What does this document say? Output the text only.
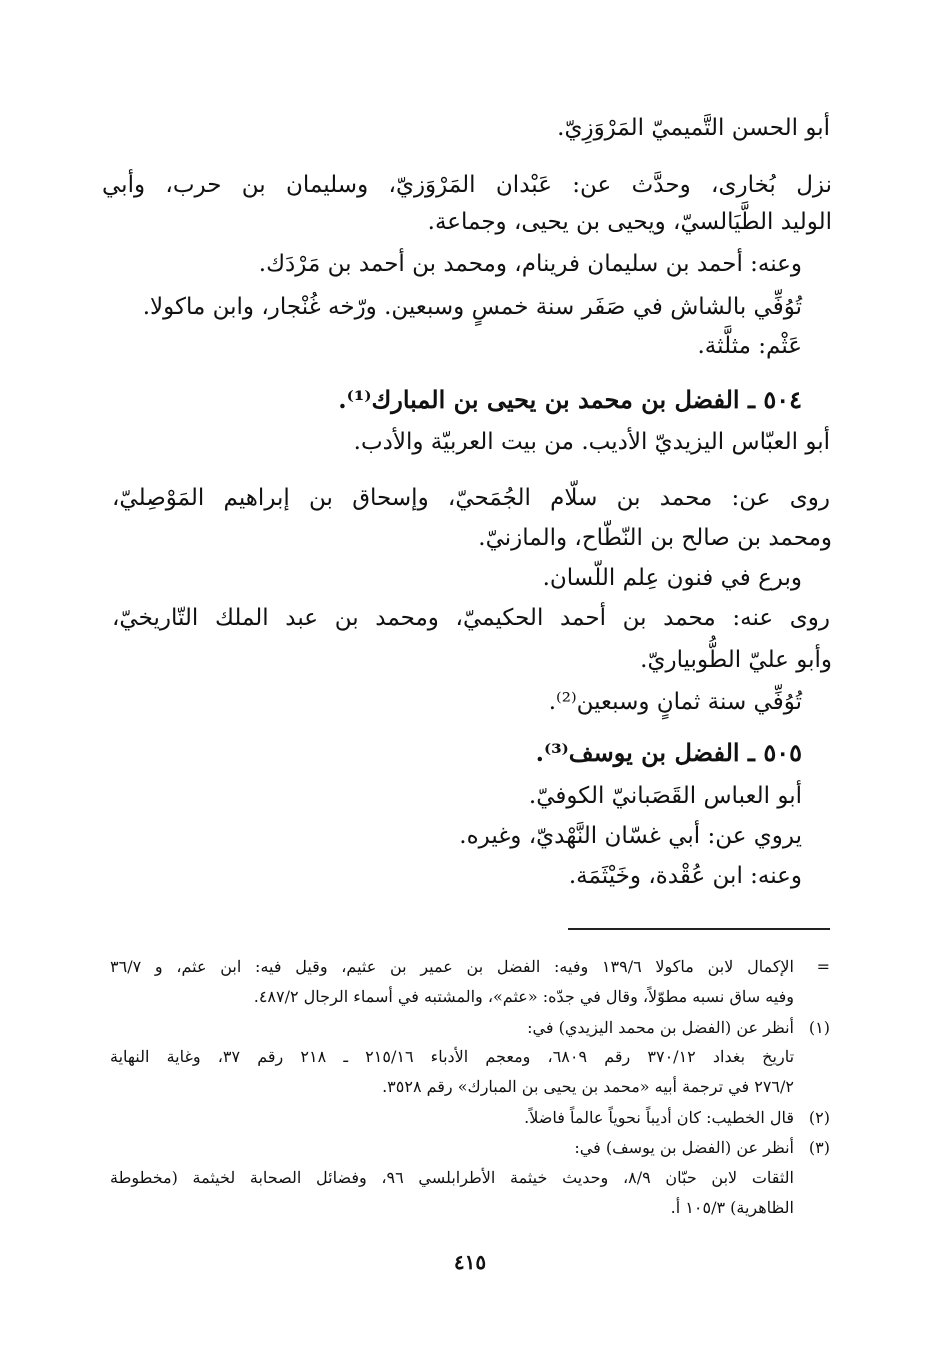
أبو الحسن التَّميميّ المَرْوَزِيّ.

نزل بُخارى، وحدَّث عن: عَبْدان المَرْوَزيّ، وسليمان بن حرب، وأبي

الوليد الطَّيَالسيّ، ويحيى بن يحيى، وجماعة.

وعنه: أحمد بن سليمان فرينام، ومحمد بن أحمد بن مَرْدَك.

تُوُفِّي بالشاش في صَفَر سنة خمسٍ وسبعين. ورّخه غُنْجار، وابن ماكولا.

عَثْم: مثلَّثة.

٥٠٤ ـ الفضل بن محمد بن يحيى بن المبارك⁽¹⁾.

أبو العبّاس اليزيديّ الأديب. من بيت العربيّة والأدب.

روى عن: محمد بن سلّام الجُمَحيّ، وإسحاق بن إبراهيم المَوْصِليّ،

ومحمد بن صالح بن النّطّاح، والمازنيّ.

وبرع في فنون عِلم اللّسان.

روى عنه: محمد بن أحمد الحكيميّ، ومحمد بن عبد الملك التّاريخيّ،

وأبو عليّ الطُّوبياريّ.

تُوُفِّي سنة ثمانٍ وسبعين⁽²⁾.

٥٠٥ ـ الفضل بن يوسف⁽³⁾.

أبو العباس القَصَبانيّ الكوفيّ.

يروي عن: أبي غسّان النَّهْديّ، وغيره.

وعنه: ابن عُقْدة، وخَيْثَمَة.

=الإكمال لابن ماكولا ١٣٩/٦ وفيه: الفضل بن عمير بن عثيم، وقيل فيه: ابن عثم، و ٣٦/٧

وفيه ساق نسبه مطوّلاً، وقال في جدّه: «عثم»، والمشتبه في أسماء الرجال ٤٨٧/٢.

(١)أنظر عن (الفضل بن محمد اليزيدي) في:

تاريخ بغداد ٣٧٠/١٢ رقم ٦٨٠٩، ومعجم الأدباء ٢١٥/١٦ ـ ٢١٨ رقم ٣٧، وغاية النهاية

٢٧٦/٢ في ترجمة أبيه «محمد بن يحيى بن المبارك» رقم ٣٥٢٨.

(٢)قال الخطيب: كان أديباً نحوياً عالماً فاضلاً.

(٣)أنظر عن (الفضل بن يوسف) في:

الثقات لابن حبّان ٨/٩، وحديث خيثمة الأطرابلسي ٩٦، وفضائل الصحابة لخيثمة (مخطوطة

الظاهرية) ١٠٥/٣ أ.

٤١٥
